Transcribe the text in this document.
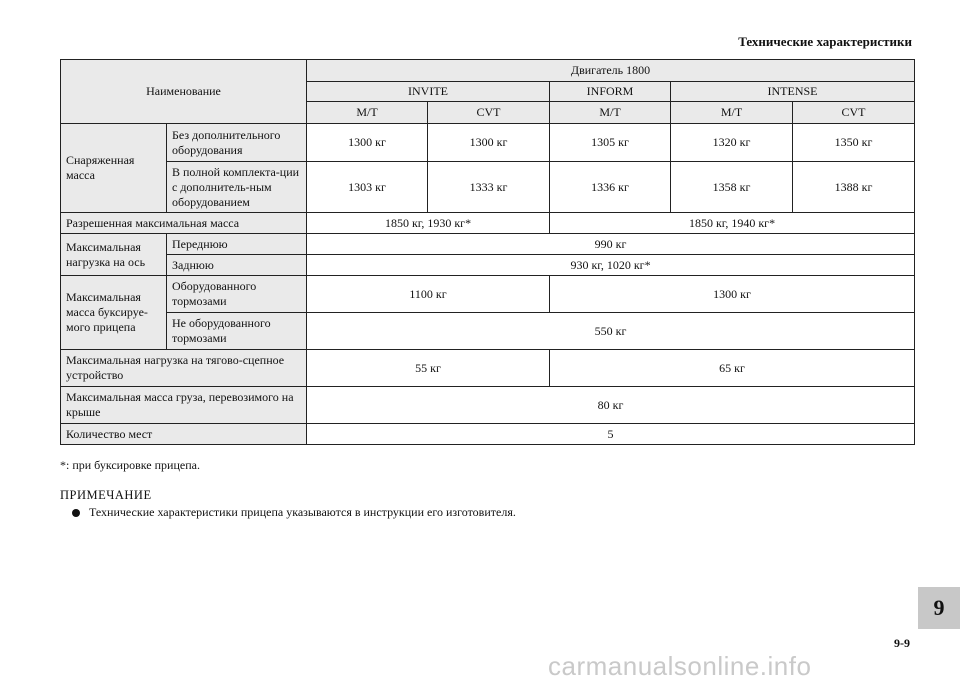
Технические характеристики
Наименование		Двигатель 1800				
		INVITE		INFORM	INTENSE	
		M/T	CVT	M/T	M/T	CVT
Снаряженная масса	Без дополнительного оборудования	1300 кг	1300 кг	1305 кг	1320 кг	1350 кг
	В полной комплекта-ции с дополнитель-ным оборудованием	1303 кг	1333 кг	1336 кг	1358 кг	1388 кг
Разрешенная максимальная масса		1850 кг, 1930 кг*		1850 кг, 1940 кг*		
Максимальная нагрузка на ось	Переднюю	990 кг				
	Заднюю	930 кг, 1020 кг*				
Максимальная масса буксируе-мого прицепа	Оборудованного тормозами	1100 кг		1300 кг		
	Не оборудованного тормозами	550 кг				
Максимальная нагрузка на тягово-сцепное устройство		55 кг		65 кг		
Максимальная масса груза, перевозимого на крыше		80 кг				
Количество мест		5				
*: при буксировке прицепа.
ПРИМЕЧАНИЕ
Технические характеристики прицепа указываются в инструкции его изготовителя.
9
9-9
carmanualsonline.info
